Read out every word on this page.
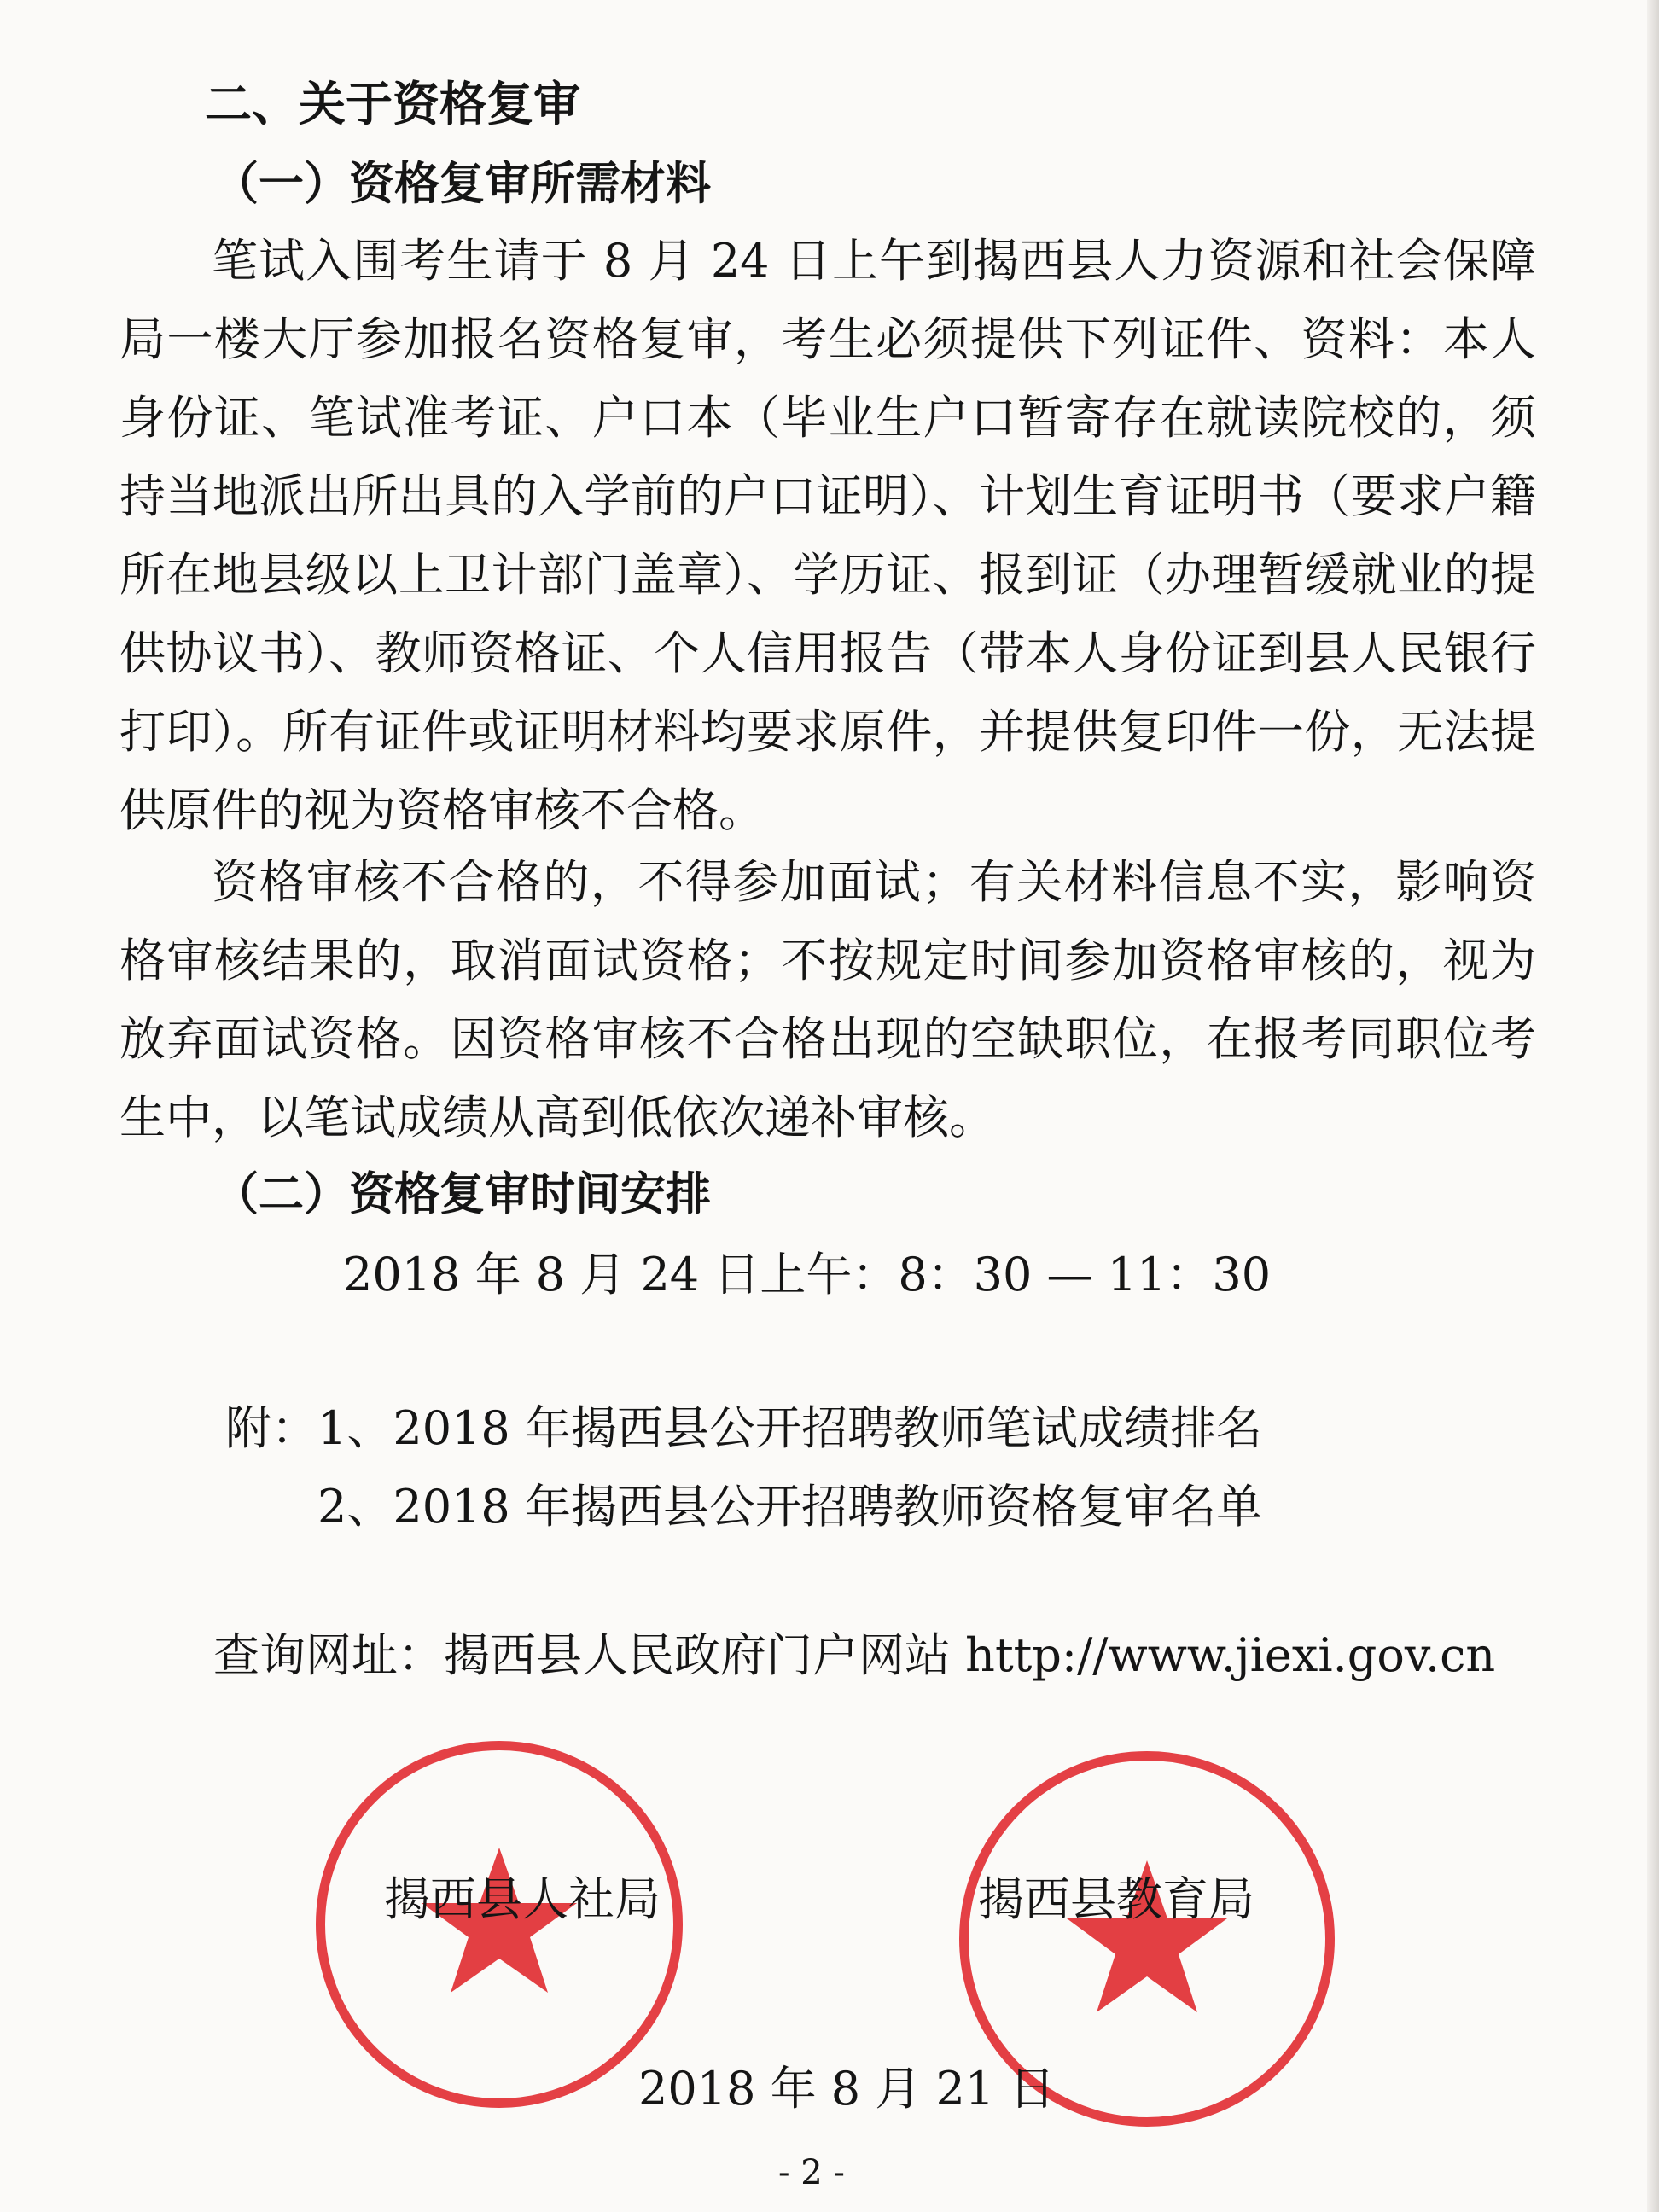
二、关于资格复审
（一）资格复审所需材料

笔试入围考生请于 8 月 24 日上午到揭西县人力资源和社会保障局一楼大厅参加报名资格复审，考生必须提供下列证件、资料：本人身份证、笔试准考证、户口本（毕业生户口暂寄存在就读院校的，须持当地派出所出具的入学前的户口证明）、计划生育证明书（要求户籍所在地县级以上卫计部门盖章）、学历证、报到证（办理暂缓就业的提供协议书）、教师资格证、个人信用报告（带本人身份证到县人民银行打印）。所有证件或证明材料均要求原件，并提供复印件一份，无法提供原件的视为资格审核不合格。

资格审核不合格的，不得参加面试；有关材料信息不实，影响资格审核结果的，取消面试资格；不按规定时间参加资格审核的，视为放弃面试资格。因资格审核不合格出现的空缺职位，在报考同职位考生中，以笔试成绩从高到低依次递补审核。

（二）资格复审时间安排
2018 年 8 月 24 日上午：8：30 — 11：30
附：1、2018 年揭西县公开招聘教师笔试成绩排名
2、2018 年揭西县公开招聘教师资格复审名单
查询网址：揭西县人民政府门户网站 http://www.jiexi.gov.cn
揭西县人社局	揭西县教育局
2018 年 8 月 21 日
- 2 -
